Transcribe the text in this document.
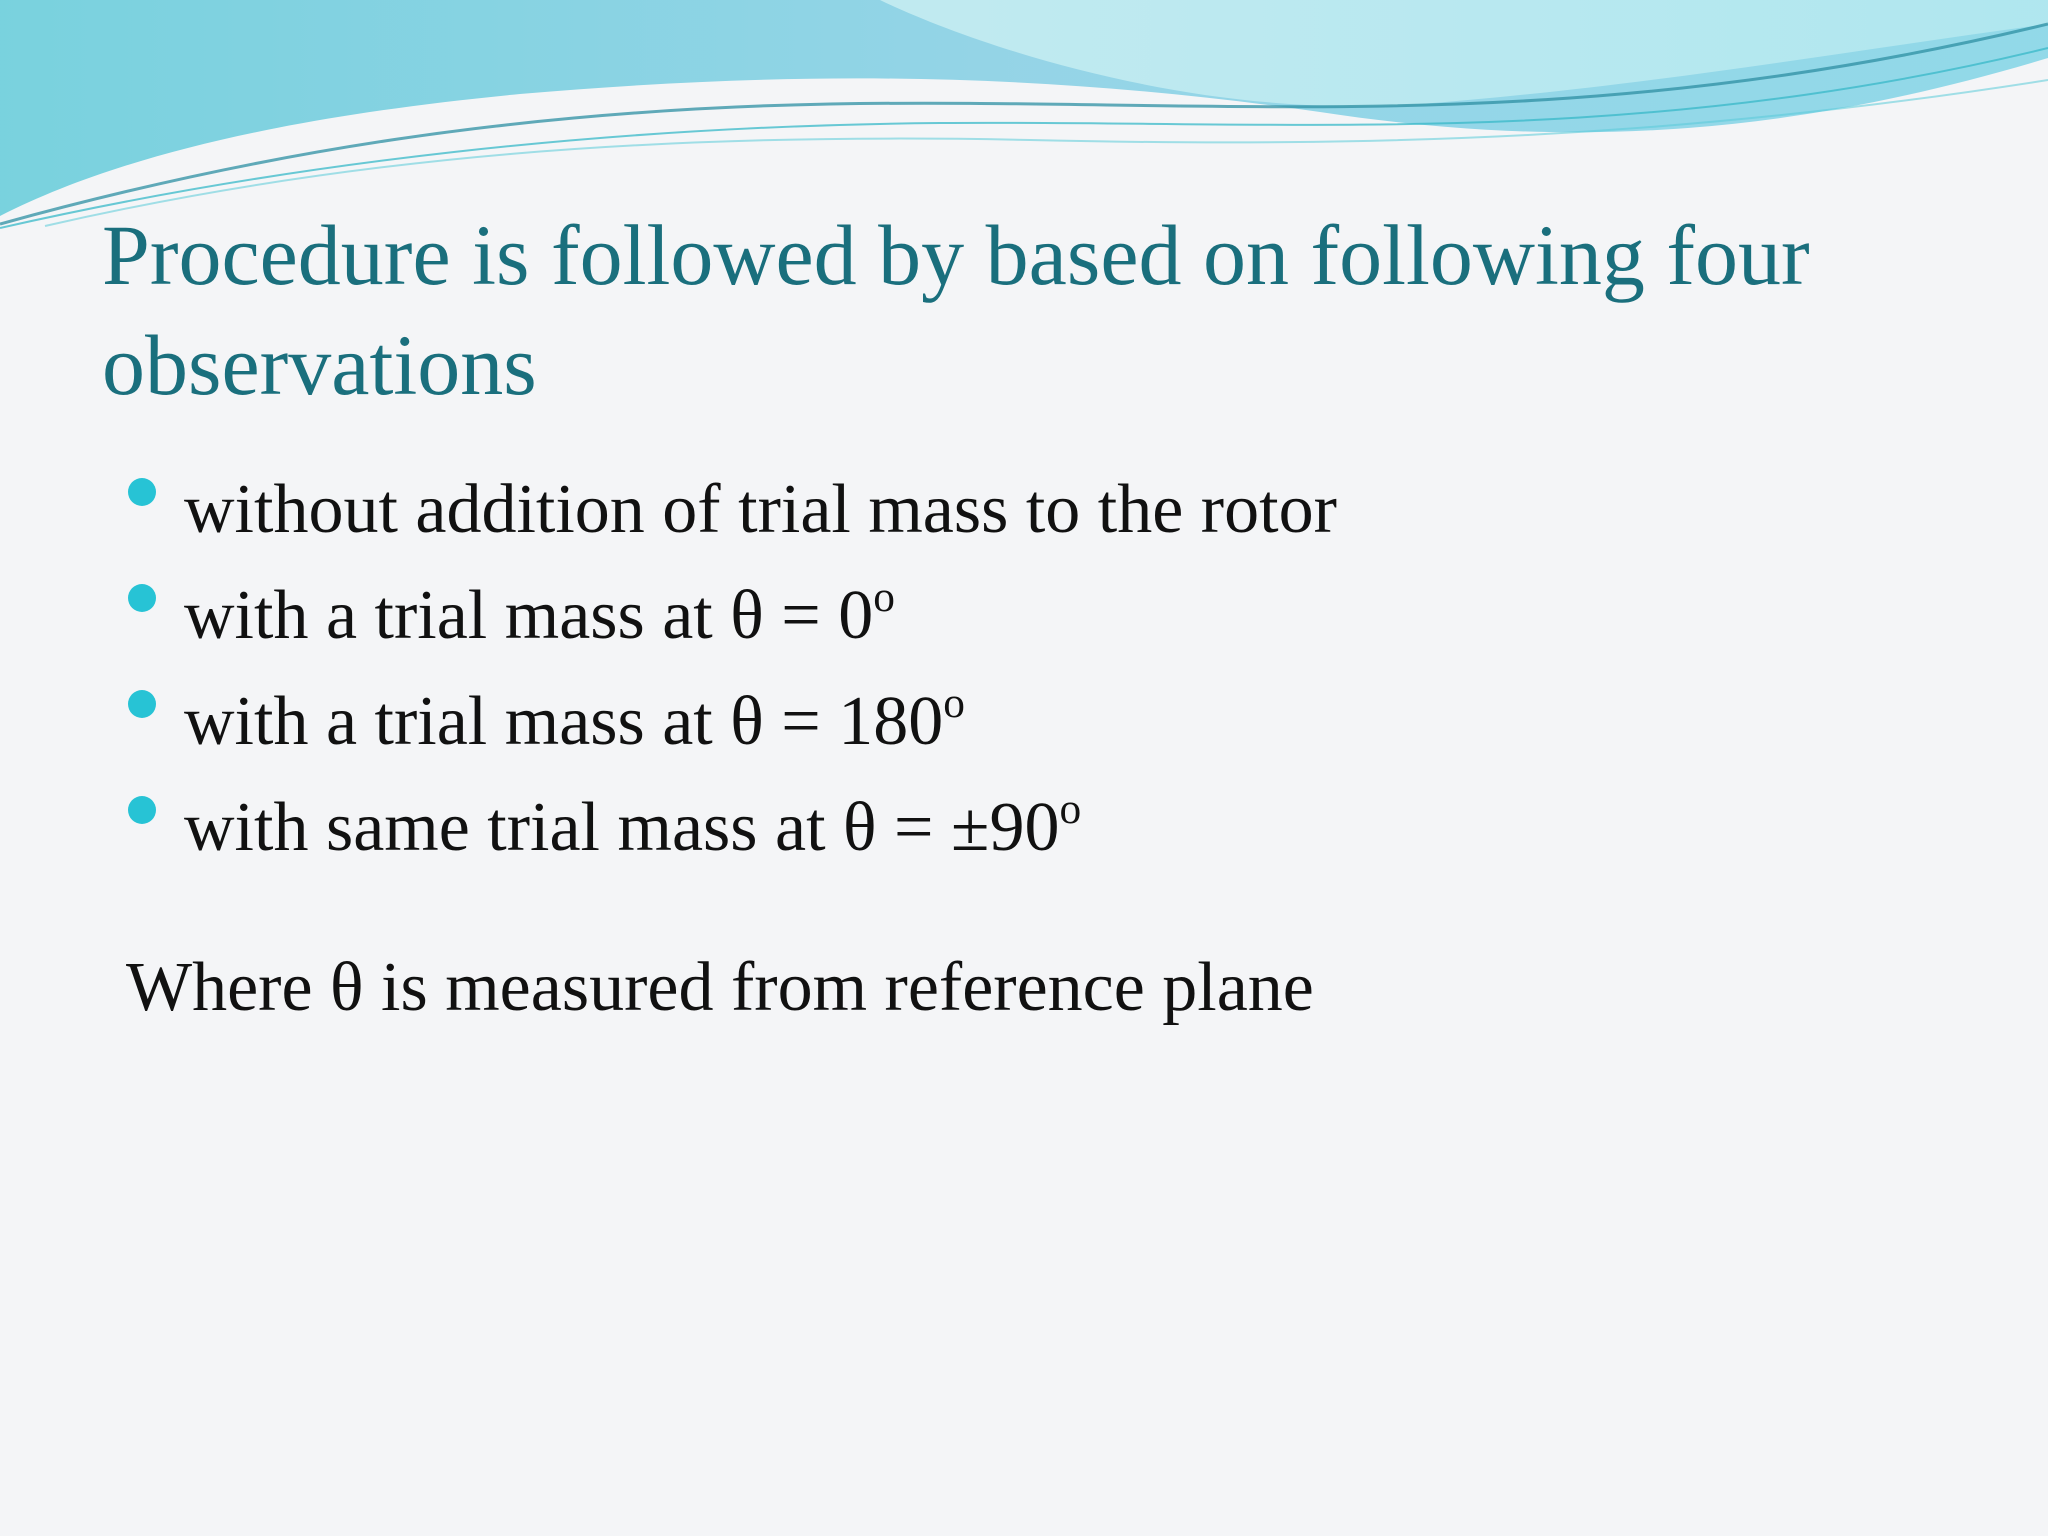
Procedure is followed by based on following four observations
without addition of trial mass to the rotor
with a trial mass at $\theta = 0^o$
with a trial mass at $\theta = 180^o$
with same trial mass at $\theta = \pm 90^o$

Where θ is measured from reference plane
